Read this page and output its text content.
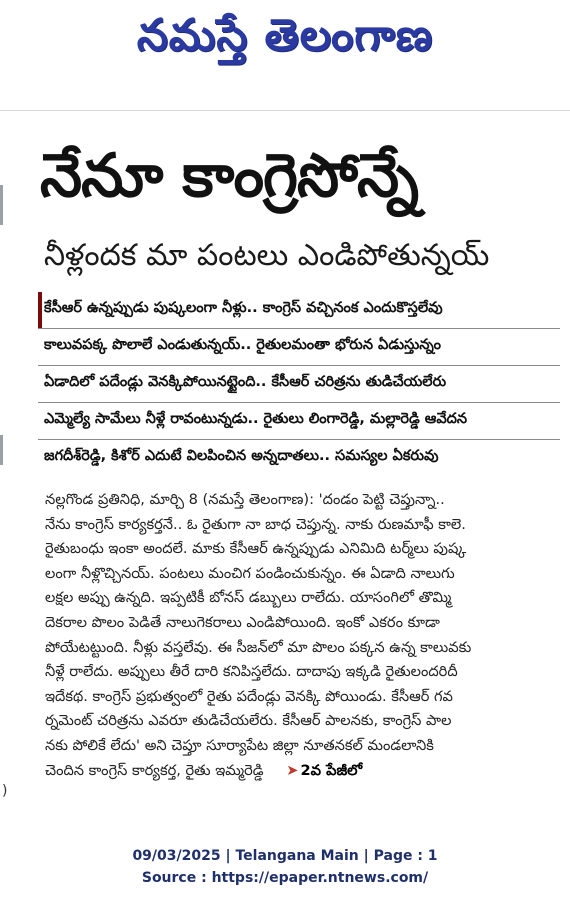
నమస్తే తెలంగాణ
)
నేనూ కాంగ్రెసోన్నే
నీళ్లందక మా పంటలు ఎండిపోతున్నయ్
కేసీఆర్ ఉన్నప్పుడు పుష్కలంగా నీళ్లు.. కాంగ్రెస్ వచ్చినంక ఎందుకొస్తలేవు
కాలువపక్క పొలాలే ఎండుతున్నయ్.. రైతులమంతా భోరున ఏడుస్తున్నం
ఏడాదిలో పదేండ్లు వెనక్కిపోయినట్టైంది.. కేసీఆర్ చరిత్రను తుడిచేయలేరు
ఎమ్మెల్యే సామేలు నీళ్లే రావంటున్నడు.. రైతులు లింగారెడ్డి, మల్లారెడ్డి ఆవేదన
జగదీశ్‌రెడ్డి, కిశోర్ ఎదుటే విలపించిన అన్నదాతలు.. సమస్యల ఏకరువు
నల్లగొండ ప్రతినిధి, మార్చి 8 (నమస్తే తెలంగాణ): 'దండం పెట్టి చెప్తున్నా..
నేను కాంగ్రెస్ కార్యకర్తనే.. ఓ రైతుగా నా బాధ చెప్తున్న. నాకు రుణమాఫీ కాలె.
రైతుబంధు ఇంకా అందలే. మాకు కేసీఆర్ ఉన్నప్పుడు ఎనిమిది టర్మ్‌లు పుష్క
లంగా నీళ్లొచ్చినయ్. పంటలు మంచిగ పండించుకున్నం. ఈ ఏడాది నాలుగు
లక్షల అప్పు ఉన్నది. ఇప్పటికీ బోనస్ డబ్బులు రాలేదు. యాసంగిలో తొమ్మి
దెకరాల పొలం పెడితే నాలుగెకరాలు ఎండిపోయింది. ఇంకో ఎకరం కూడా
పోయేటట్టుంది. నీళ్లు వస్తలేవు. ఈ సీజన్‌లో మా పొలం పక్కన ఉన్న కాలువకు
నీళ్లే రాలేదు. అప్పులు తీరే దారి కనిపిస్తలేదు. దాదాపు ఇక్కడి రైతులందరిదీ
ఇదేకథ. కాంగ్రెస్ ప్రభుత్వంలో రైతు పదేండ్లు వెనక్కి పోయిండు. కేసీఆర్ గవ
ర్నమెంట్ చరిత్రను ఎవరూ తుడిచేయలేరు. కేసీఆర్ పాలనకు, కాంగ్రెస్ పాల
నకు పోలికే లేదు' అని చెప్తూ సూర్యాపేట జిల్లా నూతనకల్ మండలానికి
చెందిన కాంగ్రెస్ కార్యకర్త, రైతు ఇమ్మరెడ్డి ➤ 2వ పేజీలో
09/03/2025 | Telangana Main | Page : 1
Source : https://epaper.ntnews.com/
